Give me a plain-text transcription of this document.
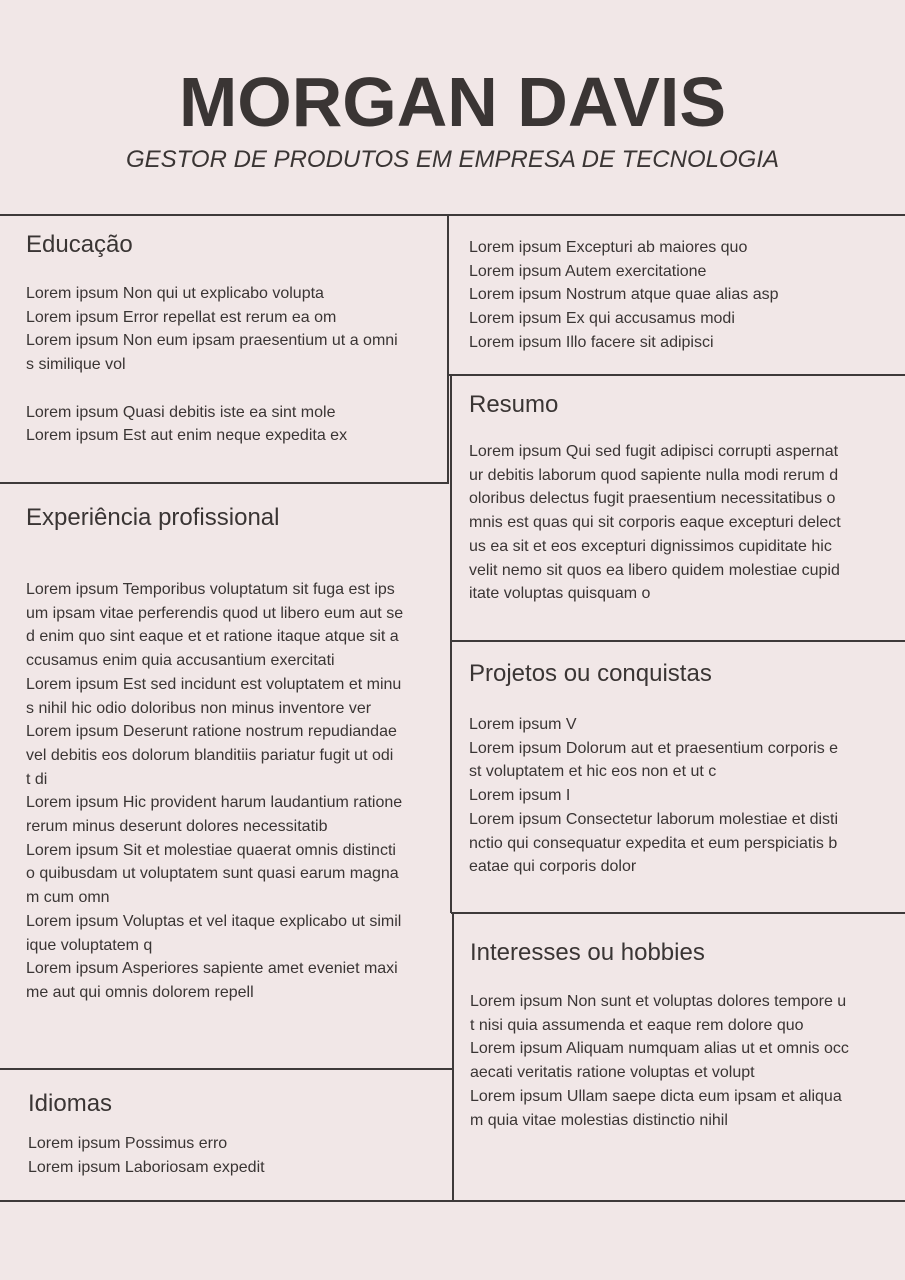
MORGAN DAVIS

GESTOR DE PRODUTOS EM EMPRESA DE TECNOLOGIA

Educação
Lorem ipsum Non qui ut explicabo volupta
Lorem ipsum Error repellat est rerum ea om
Lorem ipsum Non eum ipsam praesentium ut a omni
s similique vol
Lorem ipsum Quasi debitis iste ea sint mole
Lorem ipsum Est aut enim neque expedita ex
Experiência profissional
Lorem ipsum Temporibus voluptatum sit fuga est ips
um ipsam vitae perferendis quod ut libero eum aut se
d enim quo sint eaque et et ratione itaque atque sit a
ccusamus enim quia accusantium exercitati
Lorem ipsum Est sed incidunt est voluptatem et minu
s nihil hic odio doloribus non minus inventore ver
Lorem ipsum Deserunt ratione nostrum repudiandae
vel debitis eos dolorum blanditiis pariatur fugit ut odi
t di
Lorem ipsum Hic provident harum laudantium ratione
rerum minus deserunt dolores necessitatib
Lorem ipsum Sit et molestiae quaerat omnis distincti
o quibusdam ut voluptatem sunt quasi earum magna
m cum omn
Lorem ipsum Voluptas et vel itaque explicabo ut simil
ique voluptatem q
Lorem ipsum Asperiores sapiente amet eveniet maxi
me aut qui omnis dolorem repell
Idiomas
Lorem ipsum Possimus erro
Lorem ipsum Laboriosam expedit
Lorem ipsum Excepturi ab maiores quo
Lorem ipsum Autem exercitatione
Lorem ipsum Nostrum atque quae alias asp
Lorem ipsum Ex qui accusamus modi
Lorem ipsum Illo facere sit adipisci
Resumo
Lorem ipsum Qui sed fugit adipisci corrupti aspernat
ur debitis laborum quod sapiente nulla modi rerum d
oloribus delectus fugit praesentium necessitatibus o
mnis est quas qui sit corporis eaque excepturi delect
us ea sit et eos excepturi dignissimos cupiditate hic
velit nemo sit quos ea libero quidem molestiae cupid
itate voluptas quisquam o
Projetos ou conquistas
Lorem ipsum V
Lorem ipsum Dolorum aut et praesentium corporis e
st voluptatem et hic eos non et ut c
Lorem ipsum I
Lorem ipsum Consectetur laborum molestiae et disti
nctio qui consequatur expedita et eum perspiciatis b
eatae qui corporis dolor
Interesses ou hobbies
Lorem ipsum Non sunt et voluptas dolores tempore u
t nisi quia assumenda et eaque rem dolore quo
Lorem ipsum Aliquam numquam alias ut et omnis occ
aecati veritatis ratione voluptas et volupt
Lorem ipsum Ullam saepe dicta eum ipsam et aliqua
m quia vitae molestias distinctio nihil
